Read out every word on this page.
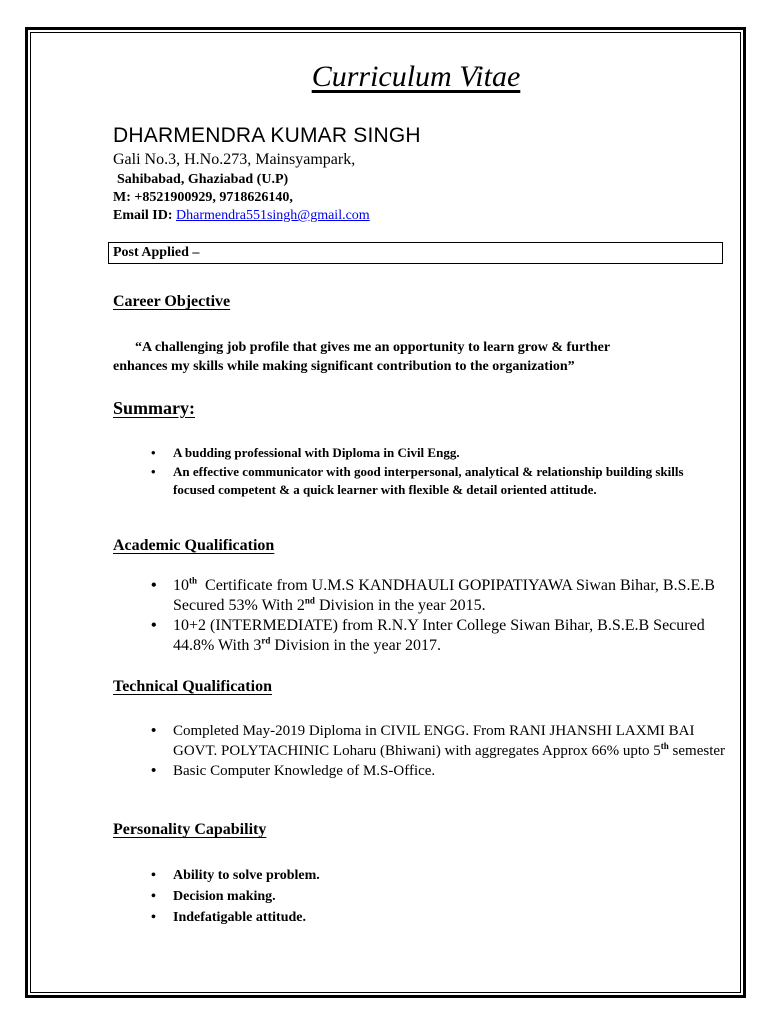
Curriculum Vitae
DHARMENDRA KUMAR SINGH
Gali No.3, H.No.273, Mainsyampark,
Sahibabad, Ghaziabad (U.P)
M: +8521900929, 9718626140,
Email ID: Dharmendra551singh@gmail.com
Post Applied –
Career Objective
“A challenging job profile that gives me an opportunity to learn grow & further
enhances my skills while making significant contribution to the organization”
Summary:
• A budding professional with Diploma in Civil Engg.
• An effective communicator with good interpersonal, analytical & relationship building skills focused competent & a quick learner with flexible & detail oriented attitude.
Academic Qualification
• 10th  Certificate from U.M.S KANDHAULI GOPIPATIYAWA Siwan Bihar, B.S.E.B Secured 53% With 2nd Division in the year 2015.
• 10+2 (INTERMEDIATE) from R.N.Y Inter College Siwan Bihar, B.S.E.B Secured 44.8% With 3rd Division in the year 2017.
Technical Qualification
• Completed May-2019 Diploma in CIVIL ENGG. From RANI JHANSHI LAXMI BAI GOVT. POLYTACHINIC Loharu (Bhiwani) with aggregates Approx 66% upto 5th semester
• Basic Computer Knowledge of M.S-Office.
Personality Capability
• Ability to solve problem.
• Decision making.
• Indefatigable attitude.
